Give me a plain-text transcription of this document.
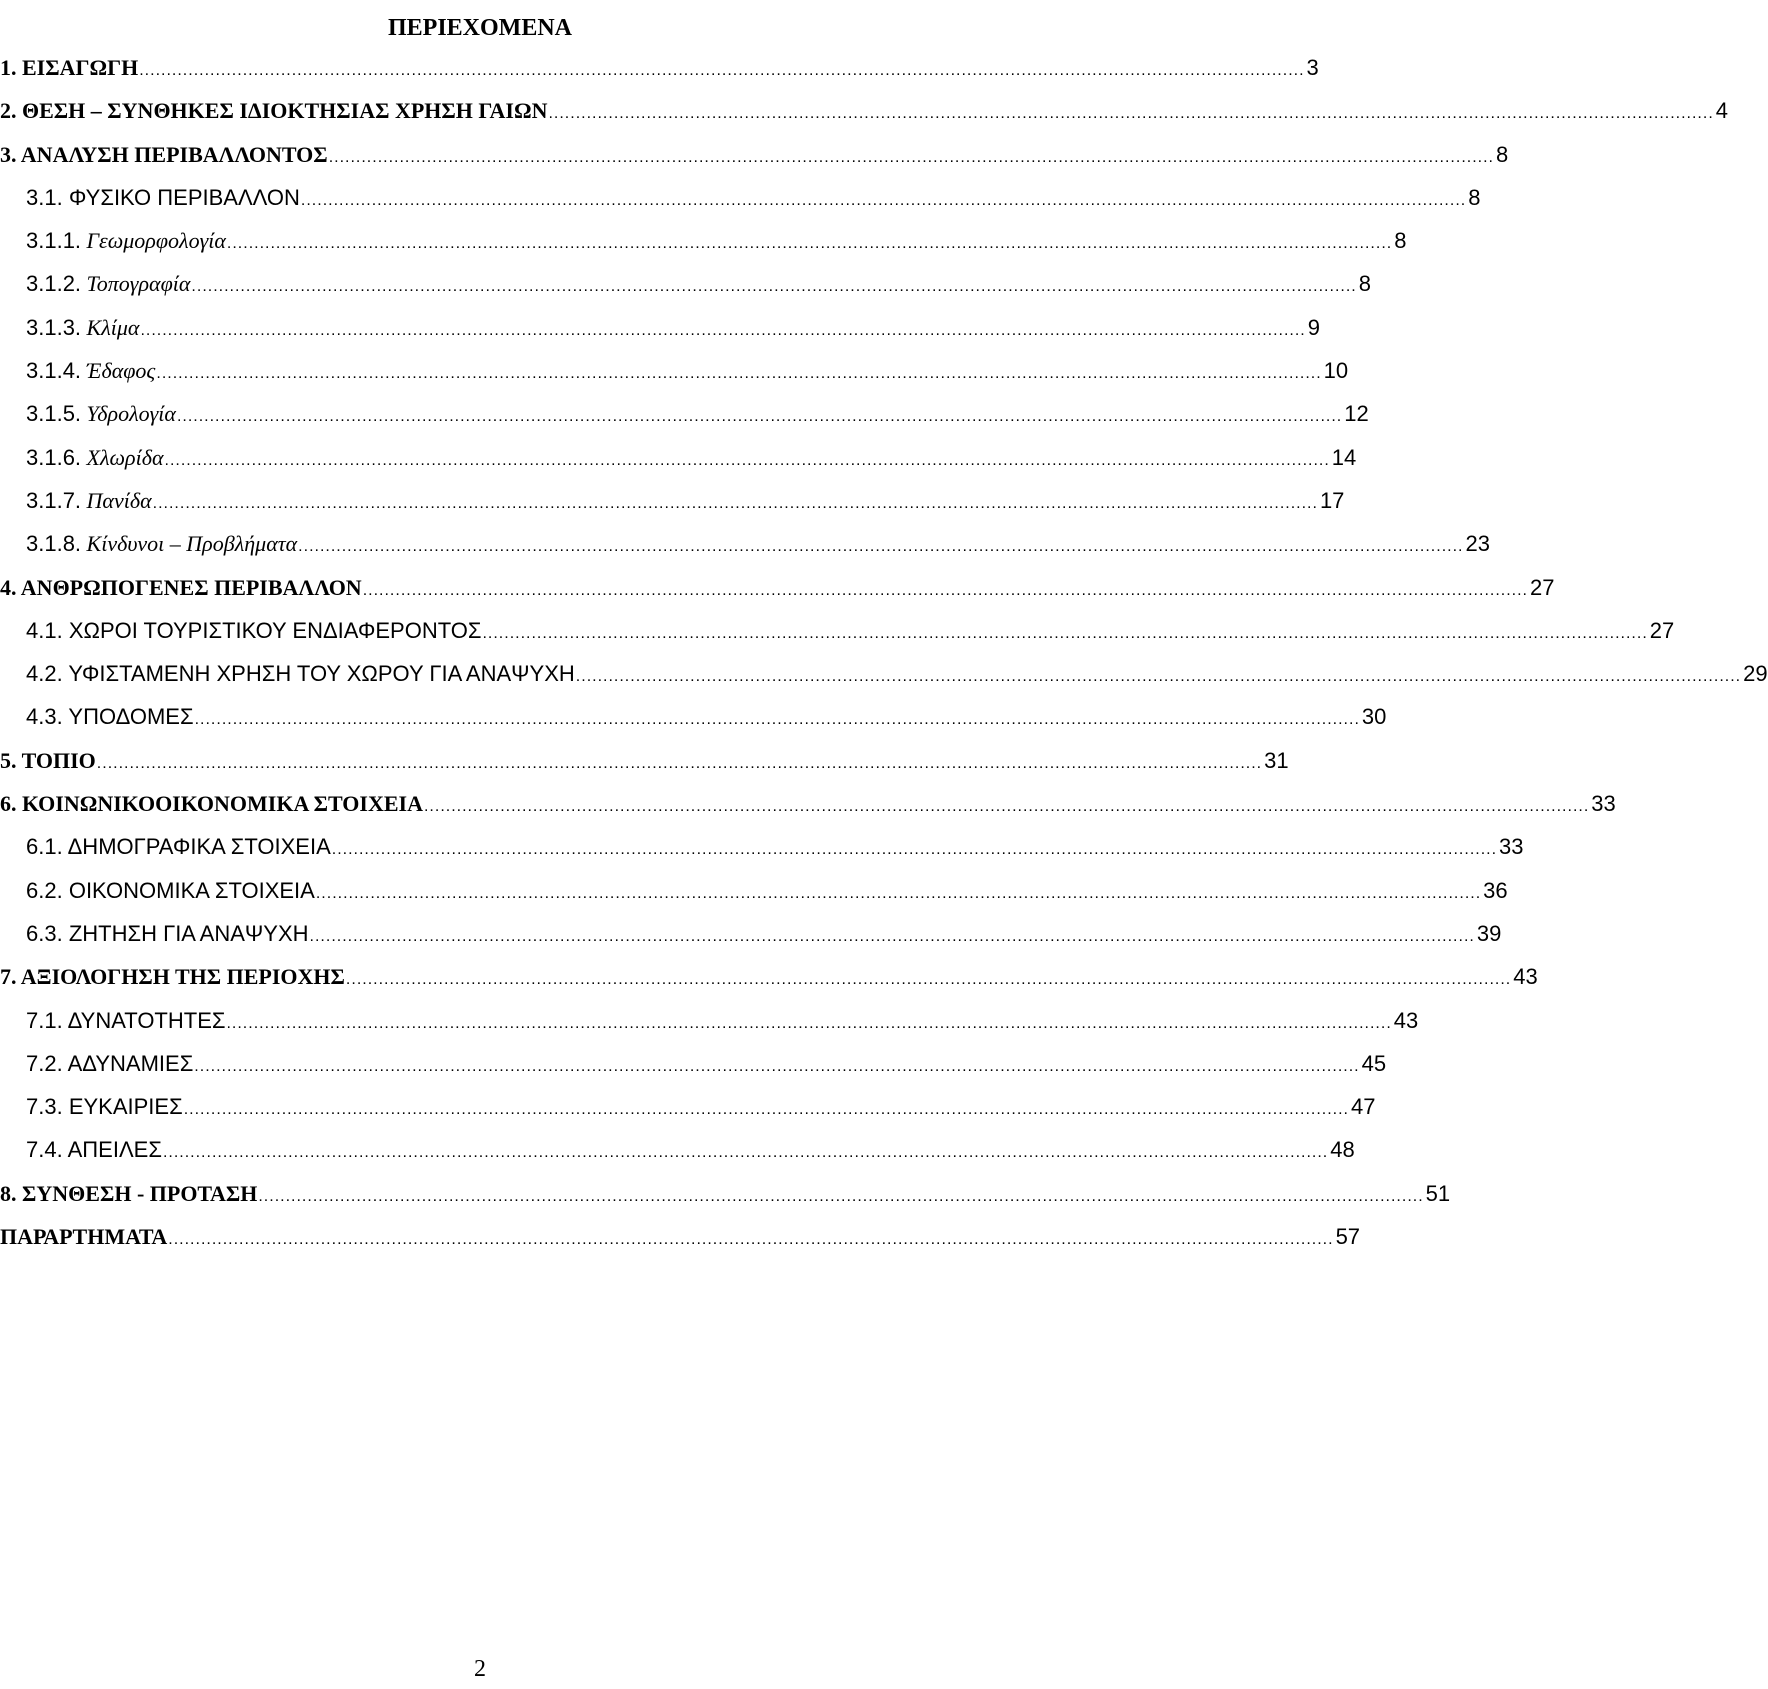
ΠΕΡΙΕΧΟΜΕΝΑ
1. ΕΙΣΑΓΩΓΗ ...................................................................................................................................................................................................................... 3
2. ΘΕΣΗ – ΣΥΝΘΗΚΕΣ ΙΔΙΟΚΤΗΣΙΑΣ ΧΡΗΣΗ ΓΑΙΩΝ ...................................................................................................................................................................................................................... 4
3. ΑΝΑΛΥΣΗ ΠΕΡΙΒΑΛΛΟΝΤΟΣ ...................................................................................................................................................................................................................... 8
3.1. ΦΥΣΙΚΟ ΠΕΡΙΒΑΛΛΟΝ ...................................................................................................................................................................................................................... 8
3.1.1. Γεωμορφολογία ...................................................................................................................................................................................................................... 8
3.1.2. Τοπογραφία ...................................................................................................................................................................................................................... 8
3.1.3. Κλίμα ...................................................................................................................................................................................................................... 9
3.1.4. Έδαφος ...................................................................................................................................................................................................................... 10
3.1.5. Υδρολογία ...................................................................................................................................................................................................................... 12
3.1.6. Χλωρίδα ...................................................................................................................................................................................................................... 14
3.1.7. Πανίδα ...................................................................................................................................................................................................................... 17
3.1.8. Κίνδυνοι – Προβλήματα ...................................................................................................................................................................................................................... 23
4. ΑΝΘΡΩΠΟΓΕΝΕΣ ΠΕΡΙΒΑΛΛΟΝ ...................................................................................................................................................................................................................... 27
4.1. ΧΩΡΟΙ ΤΟΥΡΙΣΤΙΚΟΥ ΕΝΔΙΑΦΕΡΟΝΤΟΣ ...................................................................................................................................................................................................................... 27
4.2. ΥΦΙΣΤΑΜΕΝΗ ΧΡΗΣΗ ΤΟΥ ΧΩΡΟΥ ΓΙΑ ΑΝΑΨΥΧΗ ...................................................................................................................................................................................................................... 29
4.3. ΥΠΟΔΟΜΕΣ ...................................................................................................................................................................................................................... 30
5. ΤΟΠΙΟ ...................................................................................................................................................................................................................... 31
6. ΚΟΙΝΩΝΙΚΟΟΙΚΟΝΟΜΙΚΑ ΣΤΟΙΧΕΙΑ ...................................................................................................................................................................................................................... 33
6.1. ΔΗΜΟΓΡΑΦΙΚΑ ΣΤΟΙΧΕΙΑ ...................................................................................................................................................................................................................... 33
6.2. ΟΙΚΟΝΟΜΙΚΑ ΣΤΟΙΧΕΙΑ ...................................................................................................................................................................................................................... 36
6.3. ΖΗΤΗΣΗ ΓΙΑ ΑΝΑΨΥΧΗ ...................................................................................................................................................................................................................... 39
7. ΑΞΙΟΛΟΓΗΣΗ ΤΗΣ ΠΕΡΙΟΧΗΣ ...................................................................................................................................................................................................................... 43
7.1. ΔΥΝΑΤΟΤΗΤΕΣ ...................................................................................................................................................................................................................... 43
7.2. ΑΔΥΝΑΜΙΕΣ ...................................................................................................................................................................................................................... 45
7.3. ΕΥΚΑΙΡΙΕΣ ...................................................................................................................................................................................................................... 47
7.4. ΑΠΕΙΛΕΣ ...................................................................................................................................................................................................................... 48
8. ΣΥΝΘΕΣΗ - ΠΡΟΤΑΣΗ ...................................................................................................................................................................................................................... 51
ΠΑΡΑΡΤΗΜΑΤΑ ...................................................................................................................................................................................................................... 57
2
